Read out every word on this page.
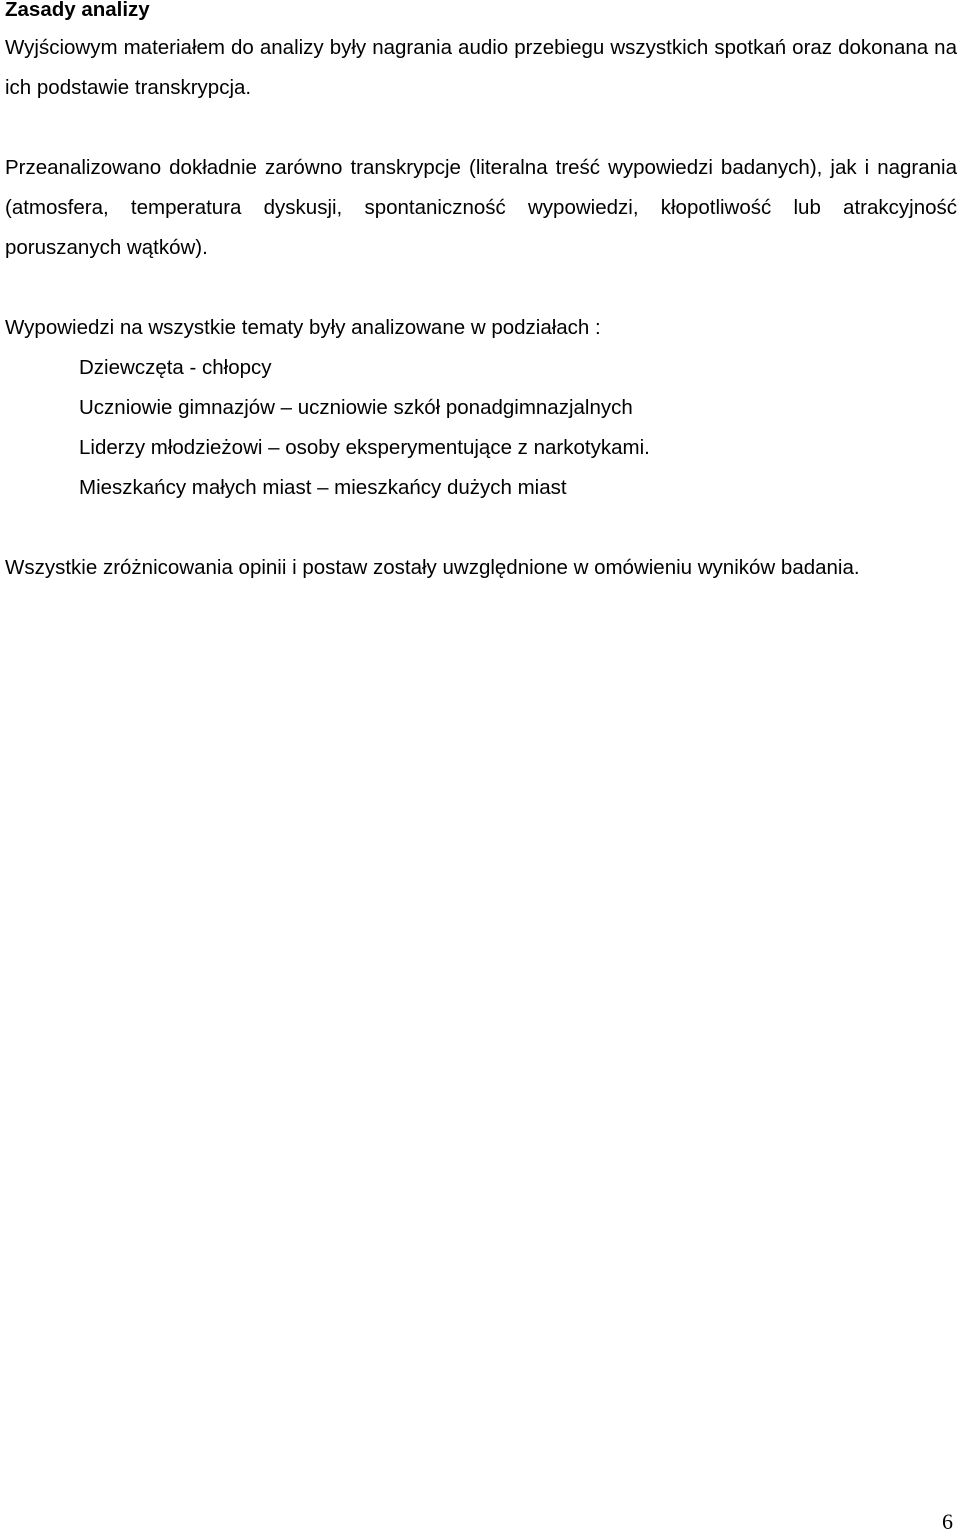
Zasady analizy

Wyjściowym materiałem do analizy były nagrania audio przebiegu wszystkich spotkań oraz dokonana na ich podstawie transkrypcja.

Przeanalizowano dokładnie zarówno transkrypcje (literalna treść wypowiedzi badanych), jak i nagrania (atmosfera, temperatura dyskusji, spontaniczność wypowiedzi, kłopotliwość lub atrakcyjność poruszanych wątków).

Wypowiedzi na wszystkie tematy były analizowane w podziałach :

Dziewczęta - chłopcy
Uczniowie gimnazjów – uczniowie szkół ponadgimnazjalnych
Liderzy młodzieżowi – osoby eksperymentujące z narkotykami.
Mieszkańcy małych miast – mieszkańcy dużych miast

Wszystkie zróżnicowania opinii i postaw zostały uwzględnione w omówieniu wyników badania.

6
